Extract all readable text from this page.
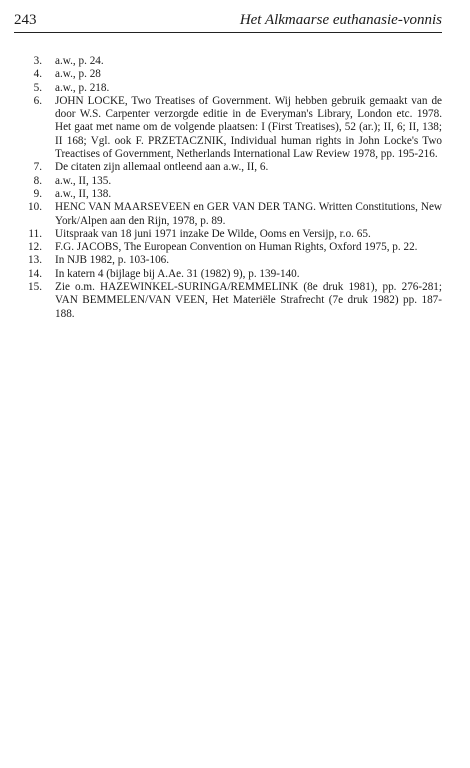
243	Het Alkmaarse euthanasie-vonnis
3.	a.w., p. 24.
4.	a.w., p. 28
5.	a.w., p. 218.
6.	JOHN LOCKE, Two Treatises of Government. Wij hebben gebruik gemaakt van de door W.S. Carpenter verzorgde editie in de Everyman's Library, London etc. 1978. Het gaat met name om de volgende plaatsen: I (First Treatises), 52 (ar.); II, 6; II, 138; II 168; Vgl. ook F. PRZETACZNIK, Individual human rights in John Locke's Two Treactises of Government, Netherlands International Law Review 1978, pp. 195-216.
7.	De citaten zijn allemaal ontleend aan a.w., II, 6.
8.	a.w., II, 135.
9.	a.w., II, 138.
10.	HENC VAN MAARSEVEEN en GER VAN DER TANG. Written Constitutions, New York/Alpen aan den Rijn, 1978, p. 89.
11.	Uitspraak van 18 juni 1971 inzake De Wilde, Ooms en Versijp, r.o. 65.
12.	F.G. JACOBS, The European Convention on Human Rights, Oxford 1975, p. 22.
13.	In NJB 1982, p. 103-106.
14.	In katern 4 (bijlage bij A.Ae. 31 (1982) 9), p. 139-140.
15.	Zie o.m. HAZEWINKEL-SURINGA/REMMELINK (8e druk 1981), pp. 276-281; VAN BEMMELEN/VAN VEEN, Het Materiële Strafrecht (7e druk 1982) pp. 187-188.
